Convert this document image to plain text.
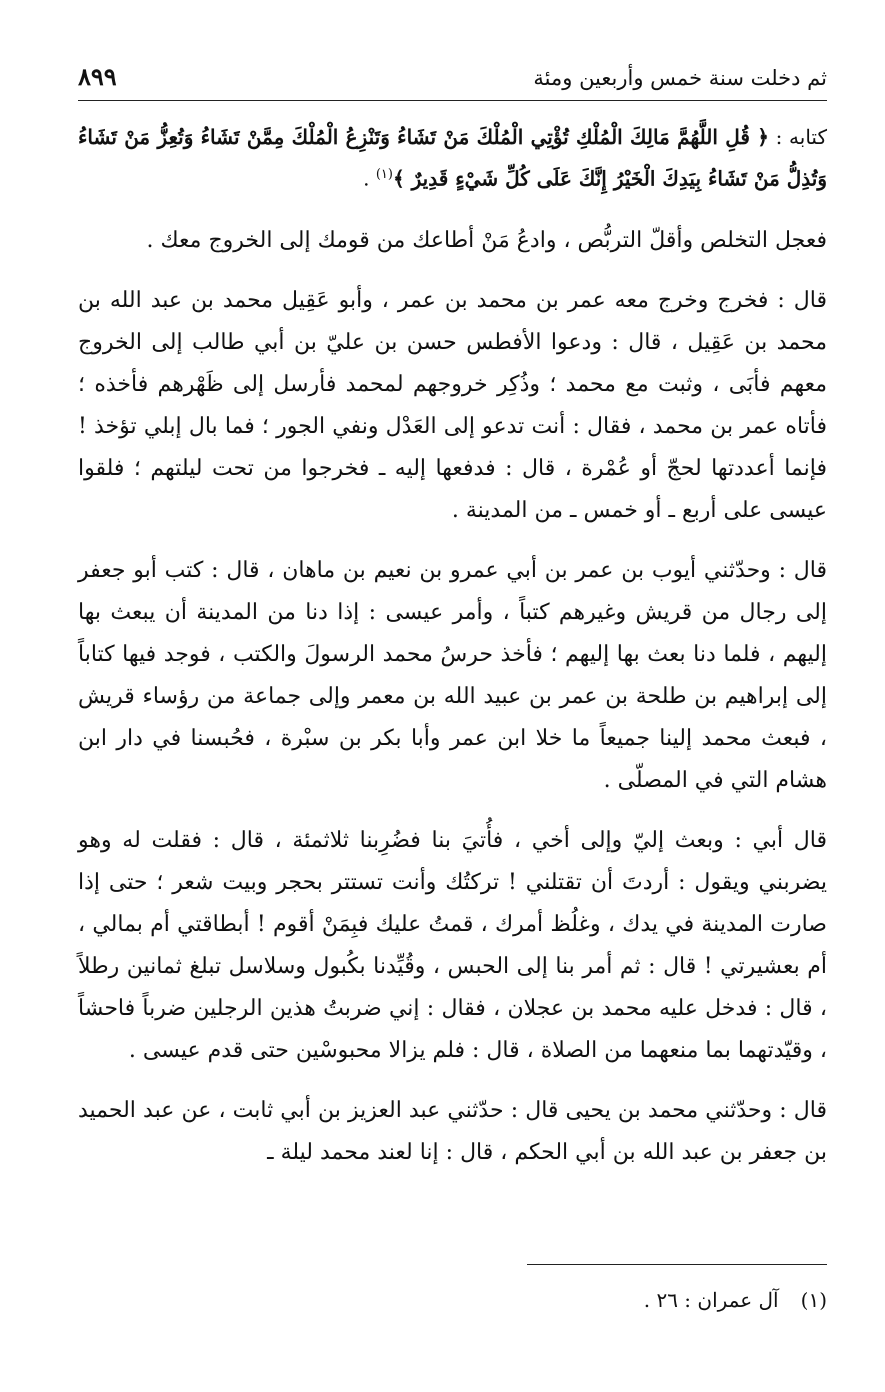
ثم دخلت سنة خمس وأربعين ومئة
٨٩٩

كتابه : ﴿ قُلِ اللَّهُمَّ مَالِكَ الْمُلْكِ تُؤْتِي الْمُلْكَ مَنْ تَشَاءُ وَتَنْزِعُ الْمُلْكَ مِمَّنْ تَشَاءُ وَتُعِزُّ مَنْ تَشَاءُ وَتُذِلُّ مَنْ تَشَاءُ بِيَدِكَ الْخَيْرُ إِنَّكَ عَلَى كُلِّ شَيْءٍ قَدِيرٌ ﴾$^{(١)}$ .

فعجل التخلص وأقلّ التربُّص ، وادعُ مَنْ أطاعك من قومك إلى الخروج معك .

قال : فخرج وخرج معه عمر بن محمد بن عمر ، وأبو عَقِيل محمد بن عبد الله بن محمد بن عَقِيل ، قال : ودعوا الأفطس حسن بن عليّ بن أبي طالب إلى الخروج معهم فأبَى ، وثبت مع محمد ؛ وذُكِر خروجهم لمحمد فأرسل إلى ظَهْرهم فأخذه ؛ فأتاه عمر بن محمد ، فقال : أنت تدعو إلى العَدْل ونفي الجور ؛ فما بال إبلي تؤخذ ! فإنما أعددتها لحجّ أو عُمْرة ، قال : فدفعها إليه ـ فخرجوا من تحت ليلتهم ؛ فلقوا عيسى على أربع ـ أو خمس ـ من المدينة .

قال : وحدّثني أيوب بن عمر بن أبي عمرو بن نعيم بن ماهان ، قال : كتب أبو جعفر إلى رجال من قريش وغيرهم كتباً ، وأمر عيسى : إذا دنا من المدينة أن يبعث بها إليهم ، فلما دنا بعث بها إليهم ؛ فأخذ حرسُ محمد الرسولَ والكتب ، فوجد فيها كتاباً إلى إبراهيم بن طلحة بن عمر بن عبيد الله بن معمر وإلى جماعة من رؤساء قريش ، فبعث محمد إلينا جميعاً ما خلا ابن عمر وأبا بكر بن سبْرة ، فحُبسنا في دار ابن هشام التي في المصلّى .

قال أبي : وبعث إليّ وإلى أخي ، فأُتيَ بنا فضُرِبنا ثلاثمئة ، قال : فقلت له وهو يضربني ويقول : أردتَ أن تقتلني ! تركتُك وأنت تستتر بحجر وبيت شعر ؛ حتى إذا صارت المدينة في يدك ، وغلُظ أمرك ، قمتُ عليك فبِمَنْ أقوم ! أبطاقتي أم بمالي ، أم بعشيرتي ! قال : ثم أمر بنا إلى الحبس ، وقُيِّدنا بكُبول وسلاسل تبلغ ثمانين رطلاً ، قال : فدخل عليه محمد بن عجلان ، فقال : إني ضربتُ هذين الرجلين ضرباً فاحشاً ، وقيّدتهما بما منعهما من الصلاة ، قال : فلم يزالا محبوسْين حتى قدم عيسى .

قال : وحدّثني محمد بن يحيى قال : حدّثني عبد العزيز بن أبي ثابت ، عن عبد الحميد بن جعفر بن عبد الله بن أبي الحكم ، قال : إنا لعند محمد ليلة ـ

(١)آل عمران : ٢٦ .
